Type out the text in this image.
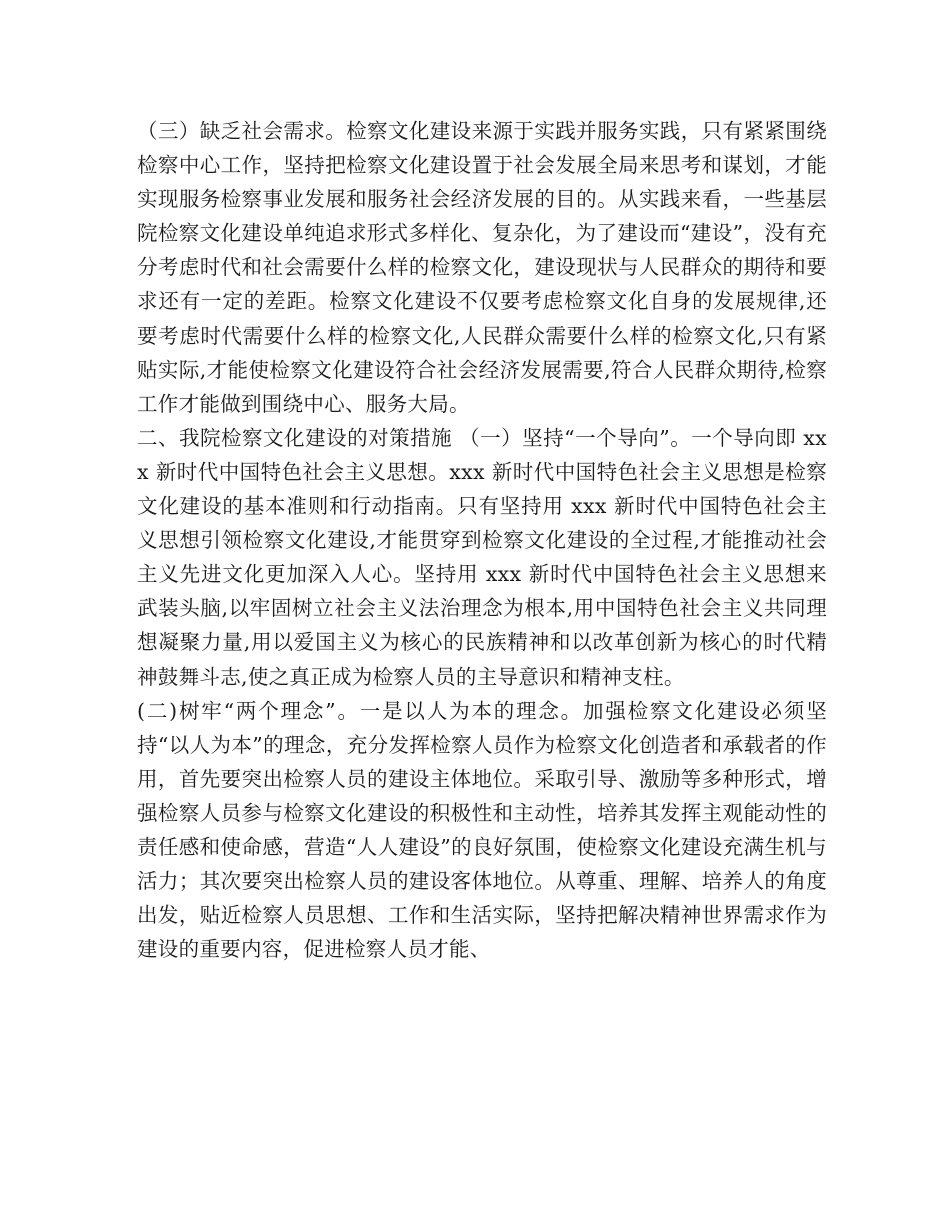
（三）缺乏社会需求。检察文化建设来源于实践并服务实践，只有紧紧围绕检察中心工作，坚持把检察文化建设置于社会发展全局来思考和谋划，才能实现服务检察事业发展和服务社会经济发展的目的。从实践来看，一些基层院检察文化建设单纯追求形式多样化、复杂化，为了建设而“建设”，没有充分考虑时代和社会需要什么样的检察文化，建设现状与人民群众的期待和要求还有一定的差距。检察文化建设不仅要考虑检察文化自身的发展规律,还要考虑时代需要什么样的检察文化,人民群众需要什么样的检察文化,只有紧贴实际,才能使检察文化建设符合社会经济发展需要,符合人民群众期待,检察工作才能做到围绕中心、服务大局。

二、我院检察文化建设的对策措施 （一）坚持“一个导向”。一个导向即 xxx 新时代中国特色社会主义思想。xxx 新时代中国特色社会主义思想是检察文化建设的基本准则和行动指南。只有坚持用 xxx 新时代中国特色社会主义思想引领检察文化建设,才能贯穿到检察文化建设的全过程,才能推动社会主义先进文化更加深入人心。坚持用 xxx 新时代中国特色社会主义思想来武装头脑,以牢固树立社会主义法治理念为根本,用中国特色社会主义共同理想凝聚力量,用以爱国主义为核心的民族精神和以改革创新为核心的时代精神鼓舞斗志,使之真正成为检察人员的主导意识和精神支柱。

(二)树牢“两个理念”。一是以人为本的理念。加强检察文化建设必须坚持“以人为本”的理念，充分发挥检察人员作为检察文化创造者和承载者的作用，首先要突出检察人员的建设主体地位。采取引导、激励等多种形式，增强检察人员参与检察文化建设的积极性和主动性，培养其发挥主观能动性的责任感和使命感，营造“人人建设”的良好氛围，使检察文化建设充满生机与活力；其次要突出检察人员的建设客体地位。从尊重、理解、培养人的角度出发，贴近检察人员思想、工作和生活实际，坚持把解决精神世界需求作为建设的重要内容，促进检察人员才能、
